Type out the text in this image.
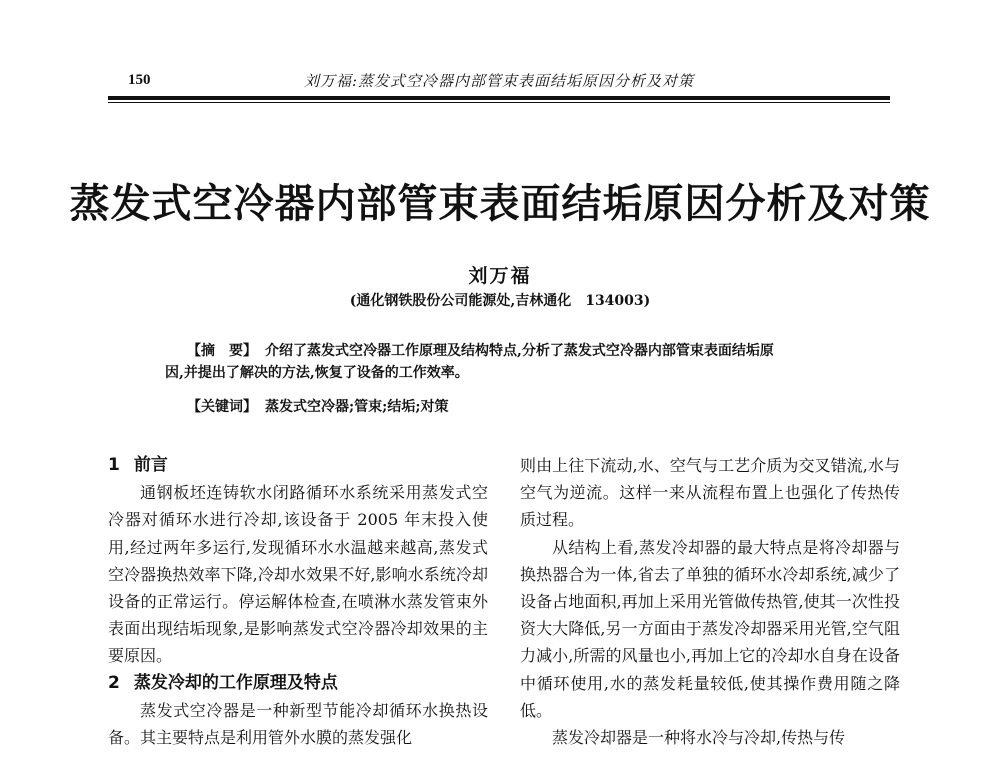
150	刘万福:蒸发式空冷器内部管束表面结垢原因分析及对策
蒸发式空冷器内部管束表面结垢原因分析及对策
刘万福
(通化钢铁股份公司能源处,吉林通化　134003)
【摘　要】 介绍了蒸发式空冷器工作原理及结构特点,分析了蒸发式空冷器内部管束表面结垢原
因,并提出了解决的方法,恢复了设备的工作效率。
【关键词】 蒸发式空冷器;管束;结垢;对策
1 前言

通钢板坯连铸软水闭路循环水系统采用蒸发式空冷器对循环水进行冷却,该设备于 2005 年末投入使用,经过两年多运行,发现循环水水温越来越高,蒸发式空冷器换热效率下降,冷却水效果不好,影响水系统冷却设备的正常运行。停运解体检查,在喷淋水蒸发管束外表面出现结垢现象,是影响蒸发式空冷器冷却效果的主要原因。

2 蒸发冷却的工作原理及特点

蒸发式空冷器是一种新型节能冷却循环水换热设备。其主要特点是利用管外水膜的蒸发强化

则由上往下流动,水、空气与工艺介质为交叉错流,水与空气为逆流。这样一来从流程布置上也强化了传热传质过程。

从结构上看,蒸发冷却器的最大特点是将冷却器与换热器合为一体,省去了单独的循环水冷却系统,减少了设备占地面积,再加上采用光管做传热管,使其一次性投资大大降低,另一方面由于蒸发冷却器采用光管,空气阻力减小,所需的风量也小,再加上它的冷却水自身在设备中循环使用,水的蒸发耗量较低,使其操作费用随之降低。

蒸发冷却器是一种将水冷与冷却,传热与传
